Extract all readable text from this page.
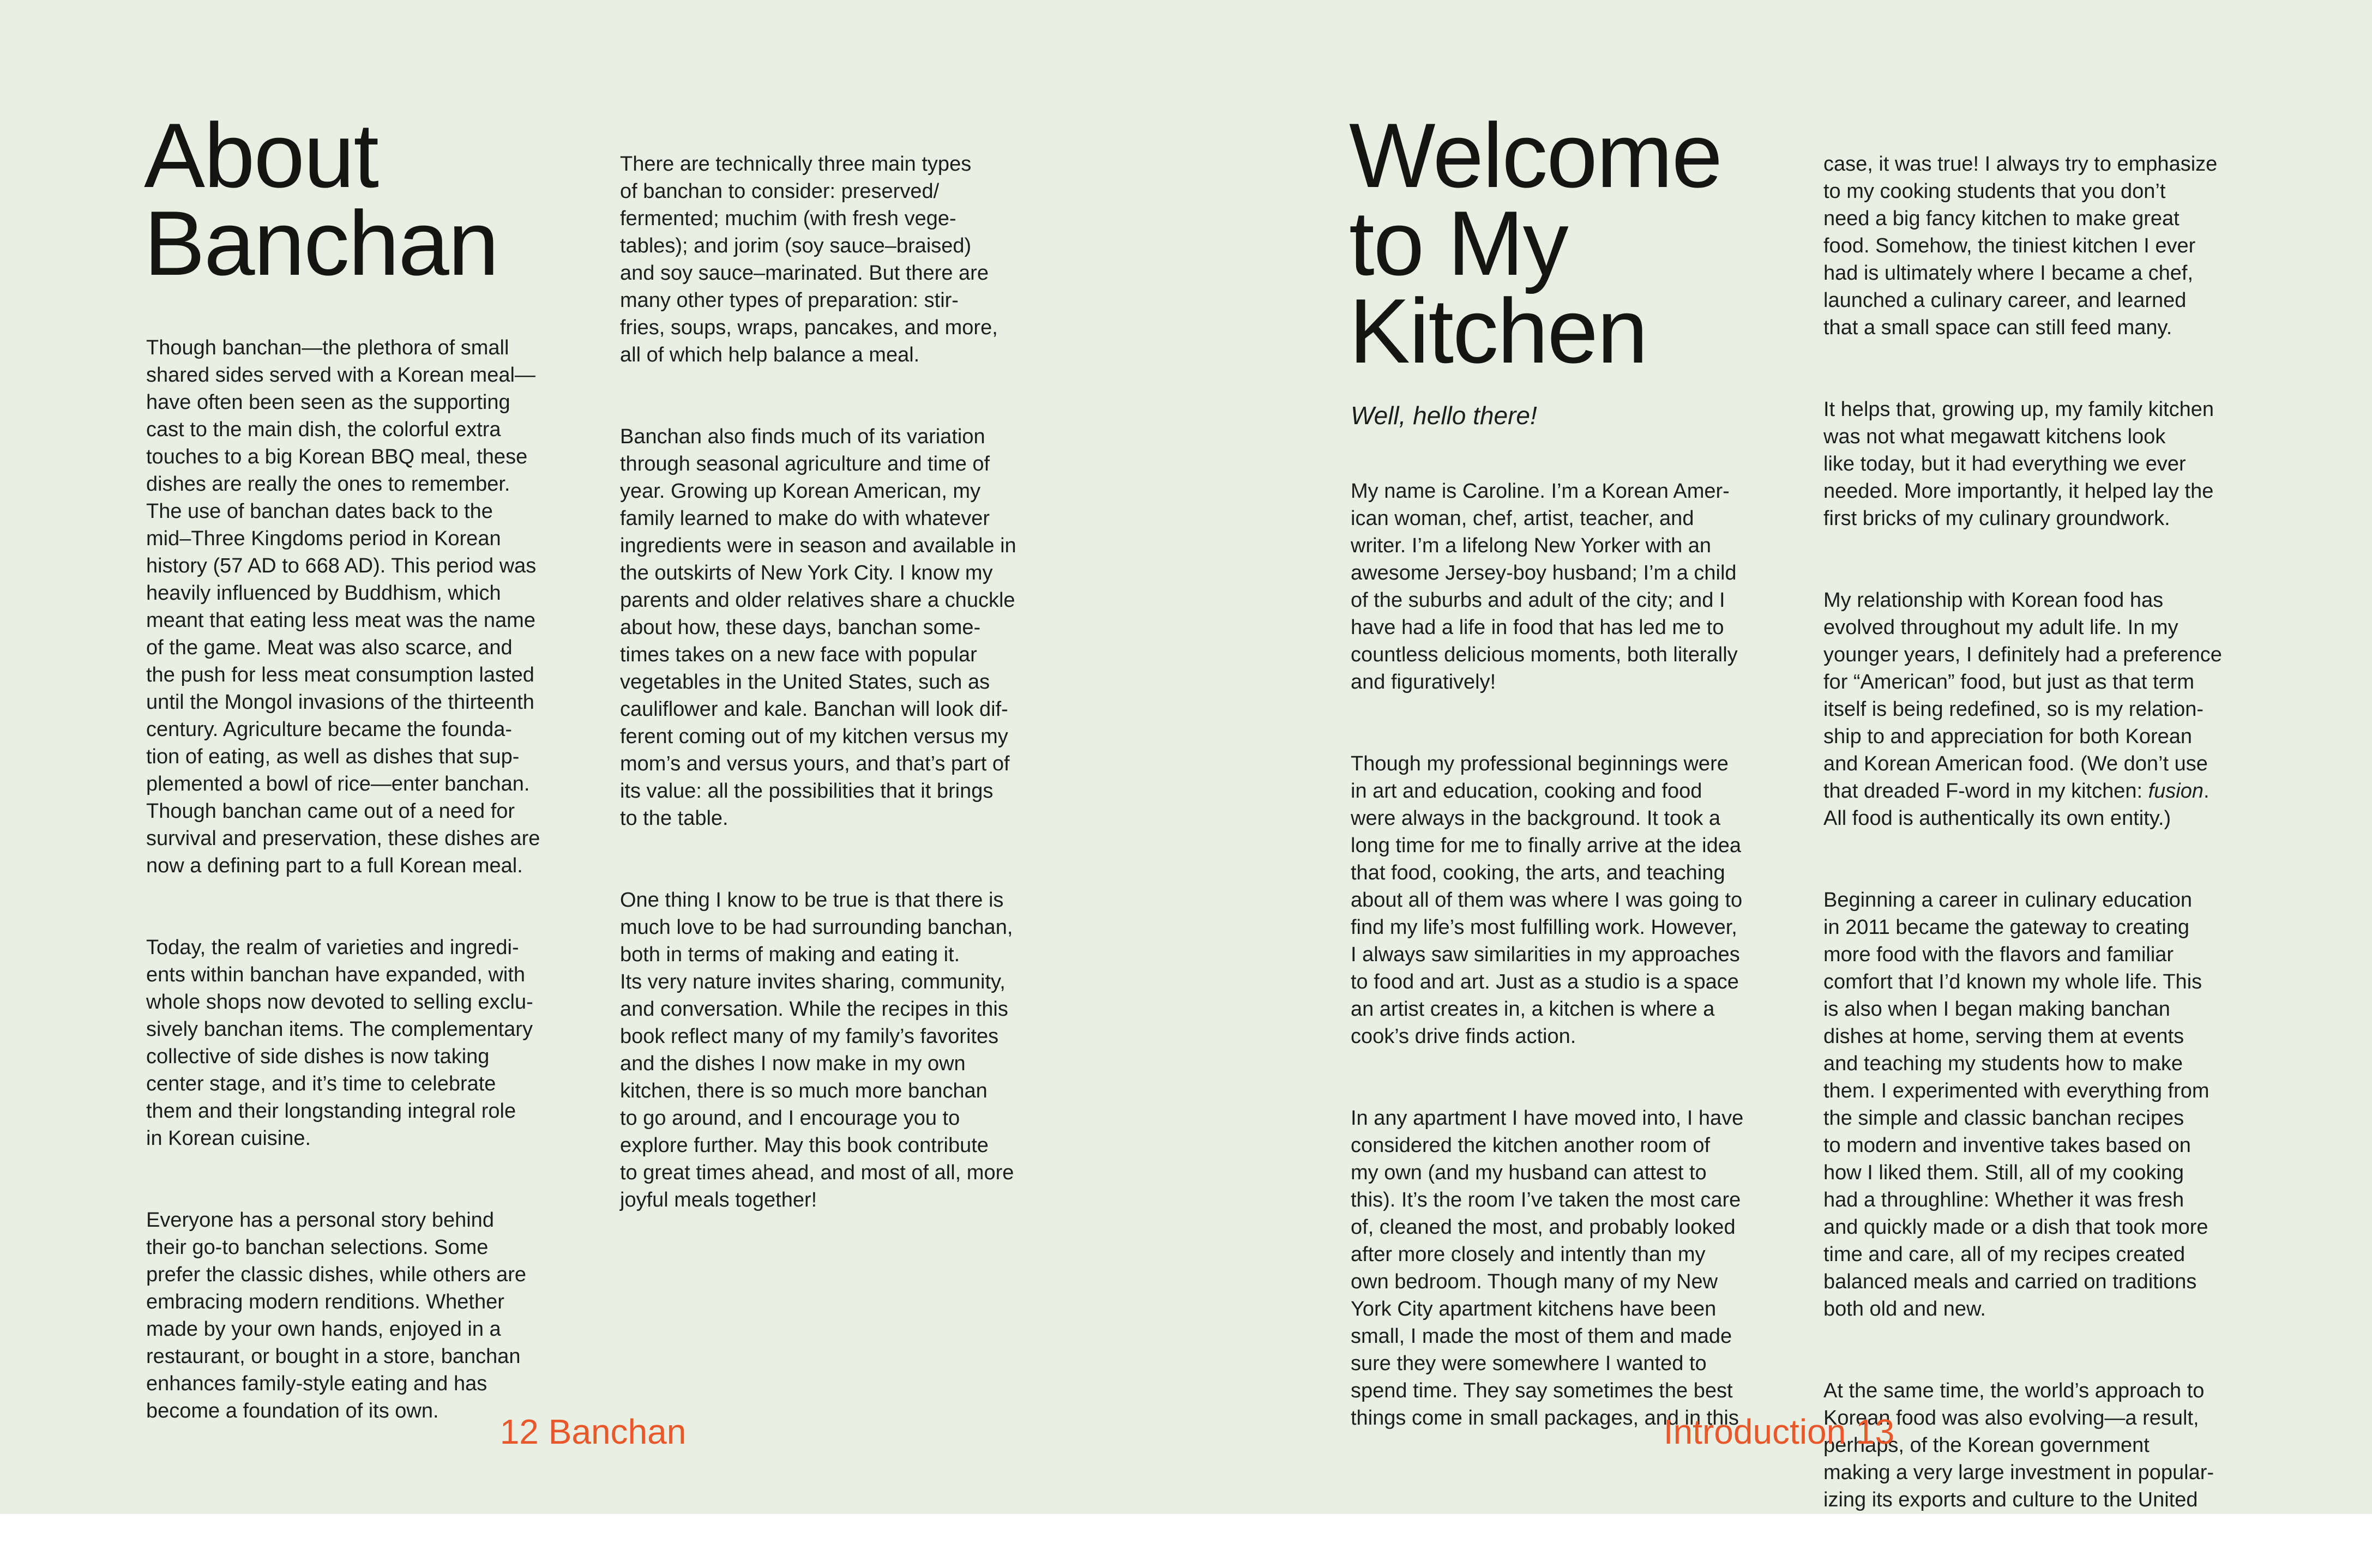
About
Banchan

Though banchan—the plethora of small
shared sides served with a Korean meal—
have often been seen as the supporting
cast to the main dish, the colorful extra
touches to a big Korean BBQ meal, these
dishes are really the ones to remember.
The use of banchan dates back to the
mid–Three Kingdoms period in Korean
history (57 AD to 668 AD). This period was
heavily influenced by Buddhism, which
meant that eating less meat was the name
of the game. Meat was also scarce, and
the push for less meat consumption lasted
until the Mongol invasions of the thirteenth
century. Agriculture became the founda-
tion of eating, as well as dishes that sup-
plemented a bowl of rice—enter banchan.
Though banchan came out of a need for
survival and preservation, these dishes are
now a defining part to a full Korean meal.

Today, the realm of varieties and ingredi-
ents within banchan have expanded, with
whole shops now devoted to selling exclu-
sively banchan items. The complementary
collective of side dishes is now taking
center stage, and it’s time to celebrate
them and their longstanding integral role
in Korean cuisine.

Everyone has a personal story behind
their go-to banchan selections. Some
prefer the classic dishes, while others are
embracing modern renditions. Whether
made by your own hands, enjoyed in a
restaurant, or bought in a store, banchan
enhances family-style eating and has
become a foundation of its own.

There are technically three main types
of banchan to consider: preserved/
fermented; muchim (with fresh vege-
tables); and jorim (soy sauce–braised)
and soy sauce–marinated. But there are
many other types of preparation: stir-
fries, soups, wraps, pancakes, and more,
all of which help balance a meal.

Banchan also finds much of its variation
through seasonal agriculture and time of
year. Growing up Korean American, my
family learned to make do with whatever
ingredients were in season and available in
the outskirts of New York City. I know my
parents and older relatives share a chuckle
about how, these days, banchan some-
times takes on a new face with popular
vegetables in the United States, such as
cauliflower and kale. Banchan will look dif-
ferent coming out of my kitchen versus my
mom’s and versus yours, and that’s part of
its value: all the possibilities that it brings
to the table.

One thing I know to be true is that there is
much love to be had surrounding banchan,
both in terms of making and eating it.
Its very nature invites sharing, community,
and conversation. While the recipes in this
book reflect many of my family’s favorites
and the dishes I now make in my own
kitchen, there is so much more banchan
to go around, and I encourage you to
explore further. May this book contribute
to great times ahead, and most of all, more
joyful meals together!

12 Banchan

Welcome
to My
Kitchen

Well, hello there!

My name is Caroline. I’m a Korean Amer-
ican woman, chef, artist, teacher, and
writer. I’m a lifelong New Yorker with an
awesome Jersey-boy husband; I’m a child
of the suburbs and adult of the city; and I
have had a life in food that has led me to
countless delicious moments, both literally
and figuratively!

Though my professional beginnings were
in art and education, cooking and food
were always in the background. It took a
long time for me to finally arrive at the idea
that food, cooking, the arts, and teaching
about all of them was where I was going to
find my life’s most fulfilling work. However,
I always saw similarities in my approaches
to food and art. Just as a studio is a space
an artist creates in, a kitchen is where a
cook’s drive finds action.

In any apartment I have moved into, I have
considered the kitchen another room of
my own (and my husband can attest to
this). It’s the room I’ve taken the most care
of, cleaned the most, and probably looked
after more closely and intently than my
own bedroom. Though many of my New
York City apartment kitchens have been
small, I made the most of them and made
sure they were somewhere I wanted to
spend time. They say sometimes the best
things come in small packages, and in this

case, it was true! I always try to emphasize
to my cooking students that you don’t
need a big fancy kitchen to make great
food. Somehow, the tiniest kitchen I ever
had is ultimately where I became a chef,
launched a culinary career, and learned
that a small space can still feed many.

It helps that, growing up, my family kitchen
was not what megawatt kitchens look
like today, but it had everything we ever
needed. More importantly, it helped lay the
first bricks of my culinary groundwork.

My relationship with Korean food has
evolved throughout my adult life. In my
younger years, I definitely had a preference
for “American” food, but just as that term
itself is being redefined, so is my relation-
ship to and appreciation for both Korean
and Korean American food. (We don’t use
that dreaded F-word in my kitchen: fusion.
All food is authentically its own entity.)

Beginning a career in culinary education
in 2011 became the gateway to creating
more food with the flavors and familiar
comfort that I’d known my whole life. This
is also when I began making banchan
dishes at home, serving them at events
and teaching my students how to make
them. I experimented with everything from
the simple and classic banchan recipes
to modern and inventive takes based on
how I liked them. Still, all of my cooking
had a throughline: Whether it was fresh
and quickly made or a dish that took more
time and care, all of my recipes created
balanced meals and carried on traditions
both old and new.

At the same time, the world’s approach to
Korean food was also evolving—a result,
perhaps, of the Korean government
making a very large investment in popular-
izing its exports and culture to the United

Introduction 13
